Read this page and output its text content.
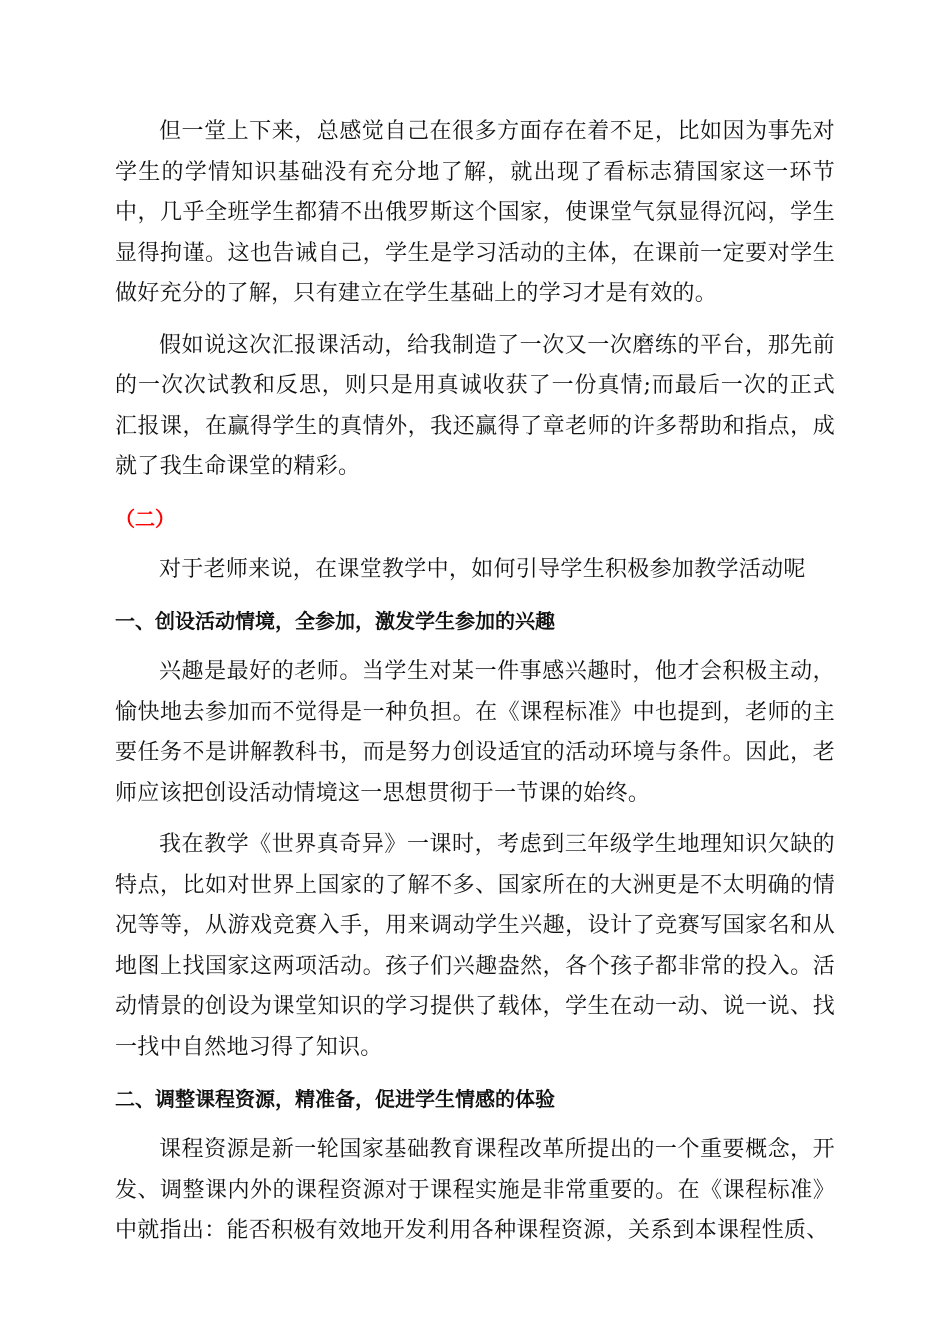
但一堂上下来，总感觉自己在很多方面存在着不足，比如因为事先对学生的学情知识基础没有充分地了解，就出现了看标志猜国家这一环节中，几乎全班学生都猜不出俄罗斯这个国家，使课堂气氛显得沉闷，学生显得拘谨。这也告诫自己，学生是学习活动的主体，在课前一定要对学生做好充分的了解，只有建立在学生基础上的学习才是有效的。

假如说这次汇报课活动，给我制造了一次又一次磨练的平台，那先前的一次次试教和反思，则只是用真诚收获了一份真情;而最后一次的正式汇报课，在赢得学生的真情外，我还赢得了章老师的许多帮助和指点，成就了我生命课堂的精彩。

（二）

对于老师来说，在课堂教学中，如何引导学生积极参加教学活动呢

一、创设活动情境，全参加，激发学生参加的兴趣

兴趣是最好的老师。当学生对某一件事感兴趣时，他才会积极主动，愉快地去参加而不觉得是一种负担。在《课程标准》中也提到，老师的主要任务不是讲解教科书，而是努力创设适宜的活动环境与条件。因此，老师应该把创设活动情境这一思想贯彻于一节课的始终。

我在教学《世界真奇异》一课时，考虑到三年级学生地理知识欠缺的特点，比如对世界上国家的了解不多、国家所在的大洲更是不太明确的情况等等，从游戏竞赛入手，用来调动学生兴趣，设计了竞赛写国家名和从地图上找国家这两项活动。孩子们兴趣盎然，各个孩子都非常的投入。活动情景的创设为课堂知识的学习提供了载体，学生在动一动、说一说、找一找中自然地习得了知识。

二、调整课程资源，精准备，促进学生情感的体验

课程资源是新一轮国家基础教育课程改革所提出的一个重要概念，开发、调整课内外的课程资源对于课程实施是非常重要的。在《课程标准》中就指出：能否积极有效地开发利用各种课程资源，关系到本课程性质、
